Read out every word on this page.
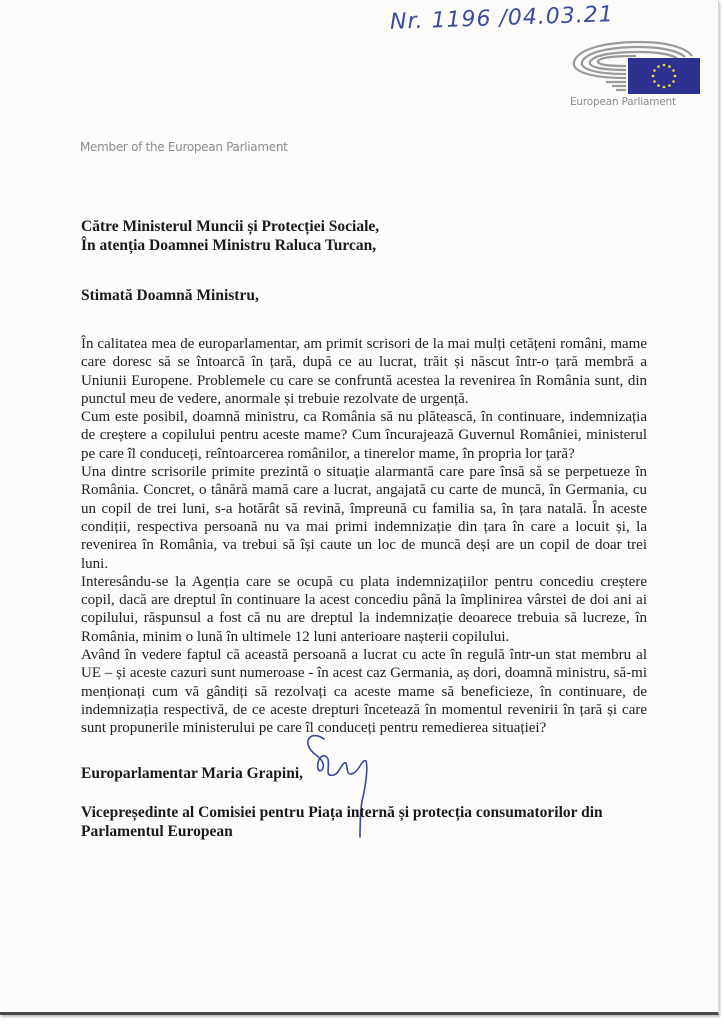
Nr. 1196 /04.03.21
European Parliament
Member of the European Parliament
Către Ministerul Muncii și Protecției Sociale,
În atenția Doamnei Ministru Raluca Turcan,
Stimată Doamnă Ministru,

În calitatea mea de europarlamentar, am primit scrisori de la mai mulți cetățeni români, mame care doresc să se întoarcă în țară, după ce au lucrat, trăit și născut într-o țară membră a Uniunii Europene. Problemele cu care se confruntă acestea la revenirea în România sunt, din punctul meu de vedere, anormale și trebuie rezolvate de urgență.

Cum este posibil, doamnă ministru, ca România să nu plătească, în continuare, indemnizația de creștere a copilului pentru aceste mame? Cum încurajează Guvernul României, ministerul pe care îl conduceți, reîntoarcerea românilor, a tinerelor mame, în propria lor țară?

Una dintre scrisorile primite prezintă o situație alarmantă care pare însă să se perpetueze în România. Concret, o tânără mamă care a lucrat, angajată cu carte de muncă, în Germania, cu un copil de trei luni, s-a hotărât să revină, împreună cu familia sa, în țara natală. În aceste condiții, respectiva persoană nu va mai primi indemnizație din țara în care a locuit și, la revenirea în România, va trebui să își caute un loc de muncă deși are un copil de doar trei luni.

Interesându-se la Agenția care se ocupă cu plata indemnizațiilor pentru concediu creștere copil, dacă are dreptul în continuare la acest concediu până la împlinirea vârstei de doi ani ai copilului, răspunsul a fost că nu are dreptul la indemnizație deoarece trebuia să lucreze, în România, minim o lună în ultimele 12 luni anterioare nașterii copilului.

Având în vedere faptul că această persoană a lucrat cu acte în regulă într-un stat membru al UE – și aceste cazuri sunt numeroase - în acest caz Germania, aș dori, doamnă ministru, să-mi menționați cum vă gândiți să rezolvați ca aceste mame să beneficieze, în continuare, de indemnizația respectivă, de ce aceste drepturi încetează în momentul revenirii în țară și care sunt propunerile ministerului pe care îl conduceți pentru remedierea situației?

Europarlamentar Maria Grapini,
Vicepreședinte al Comisiei pentru Piața internă și protecția consumatorilor din
Parlamentul European
